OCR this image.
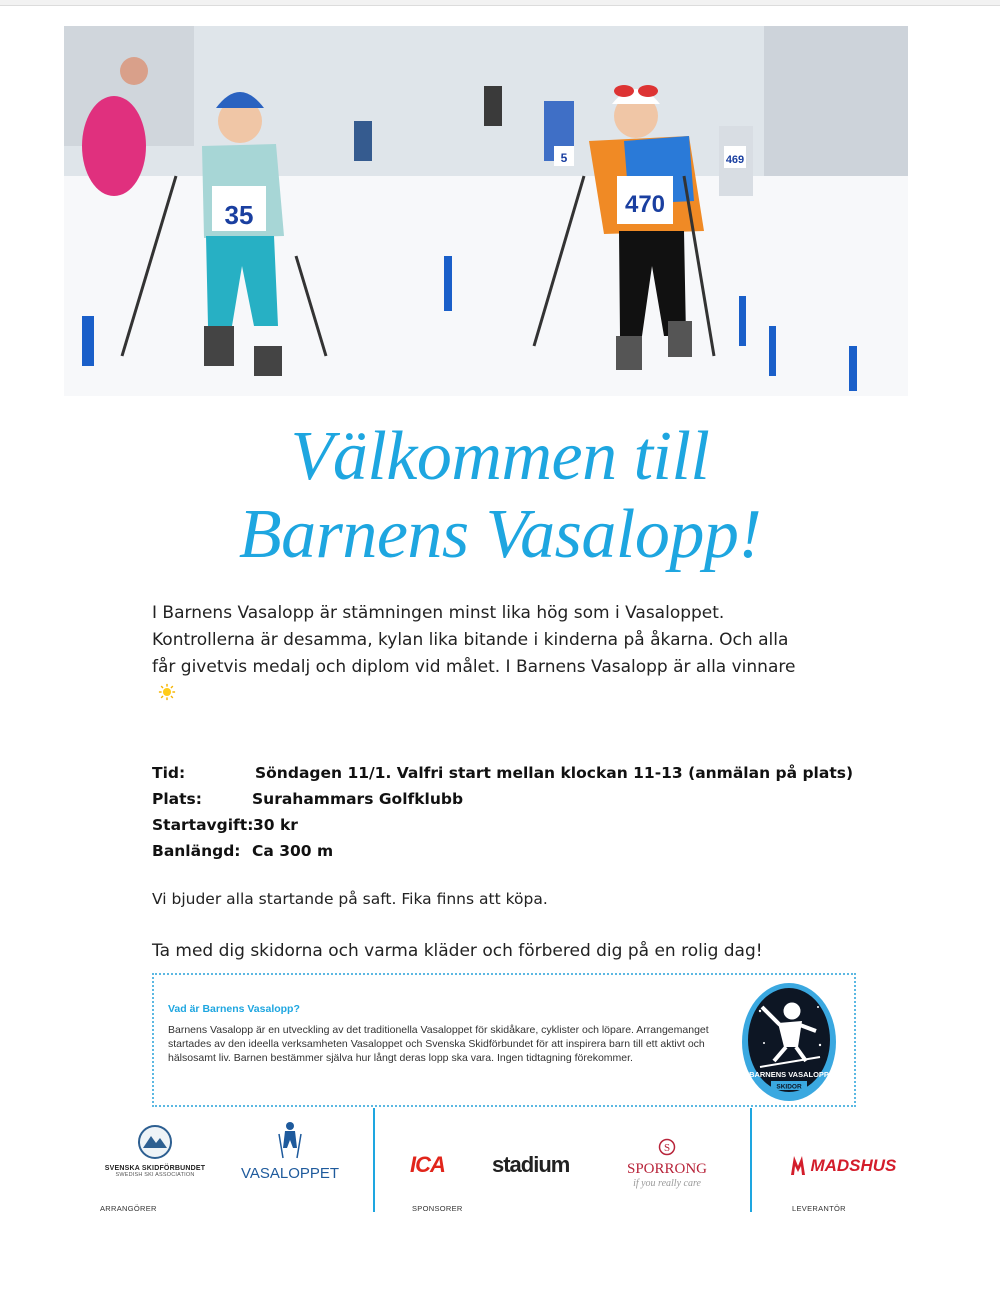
469
5
35	470
Välkommen till
Barnens Vasalopp!
I Barnens Vasalopp är stämningen minst lika hög som i Vasaloppet. Kontrollerna är desamma, kylan lika bitande i kinderna på åkarna. Och alla får givetvis medalj och diplom vid målet. I Barnens Vasalopp är alla vinnare
Tid:	Söndagen 11/1. Valfri start mellan klockan 11-13 (anmälan på plats)
Plats:	Surahammars Golfklubb
Startavgift: 30 kr
Banlängd: Ca 300 m
Vi bjuder alla startande på saft. Fika finns att köpa.
Ta med dig skidorna och varma kläder och förbered dig på en rolig dag!
Vad är Barnens Vasalopp?
Barnens Vasalopp är en utveckling av det traditionella Vasaloppet för skidåkare, cyklister och löpare. Arrangemanget startades av den ideella verksamheten Vasaloppet och Svenska Skidförbundet för att inspirera barn till ett aktivt och hälsosamt liv. Barnen bestämmer själva hur långt deras lopp ska vara. Ingen tidtagning förekommer.
BARNENS VASALOPP
SKIDOR
SVENSKA SKIDFÖRBUNDET
SWEDISH SKI ASSOCIATION	VASALOPPET
ARRANGÖRER
ICA stadium
S
SPORRONG
if you really care
SPONSORER
MADSHUS
LEVERANTÖR
